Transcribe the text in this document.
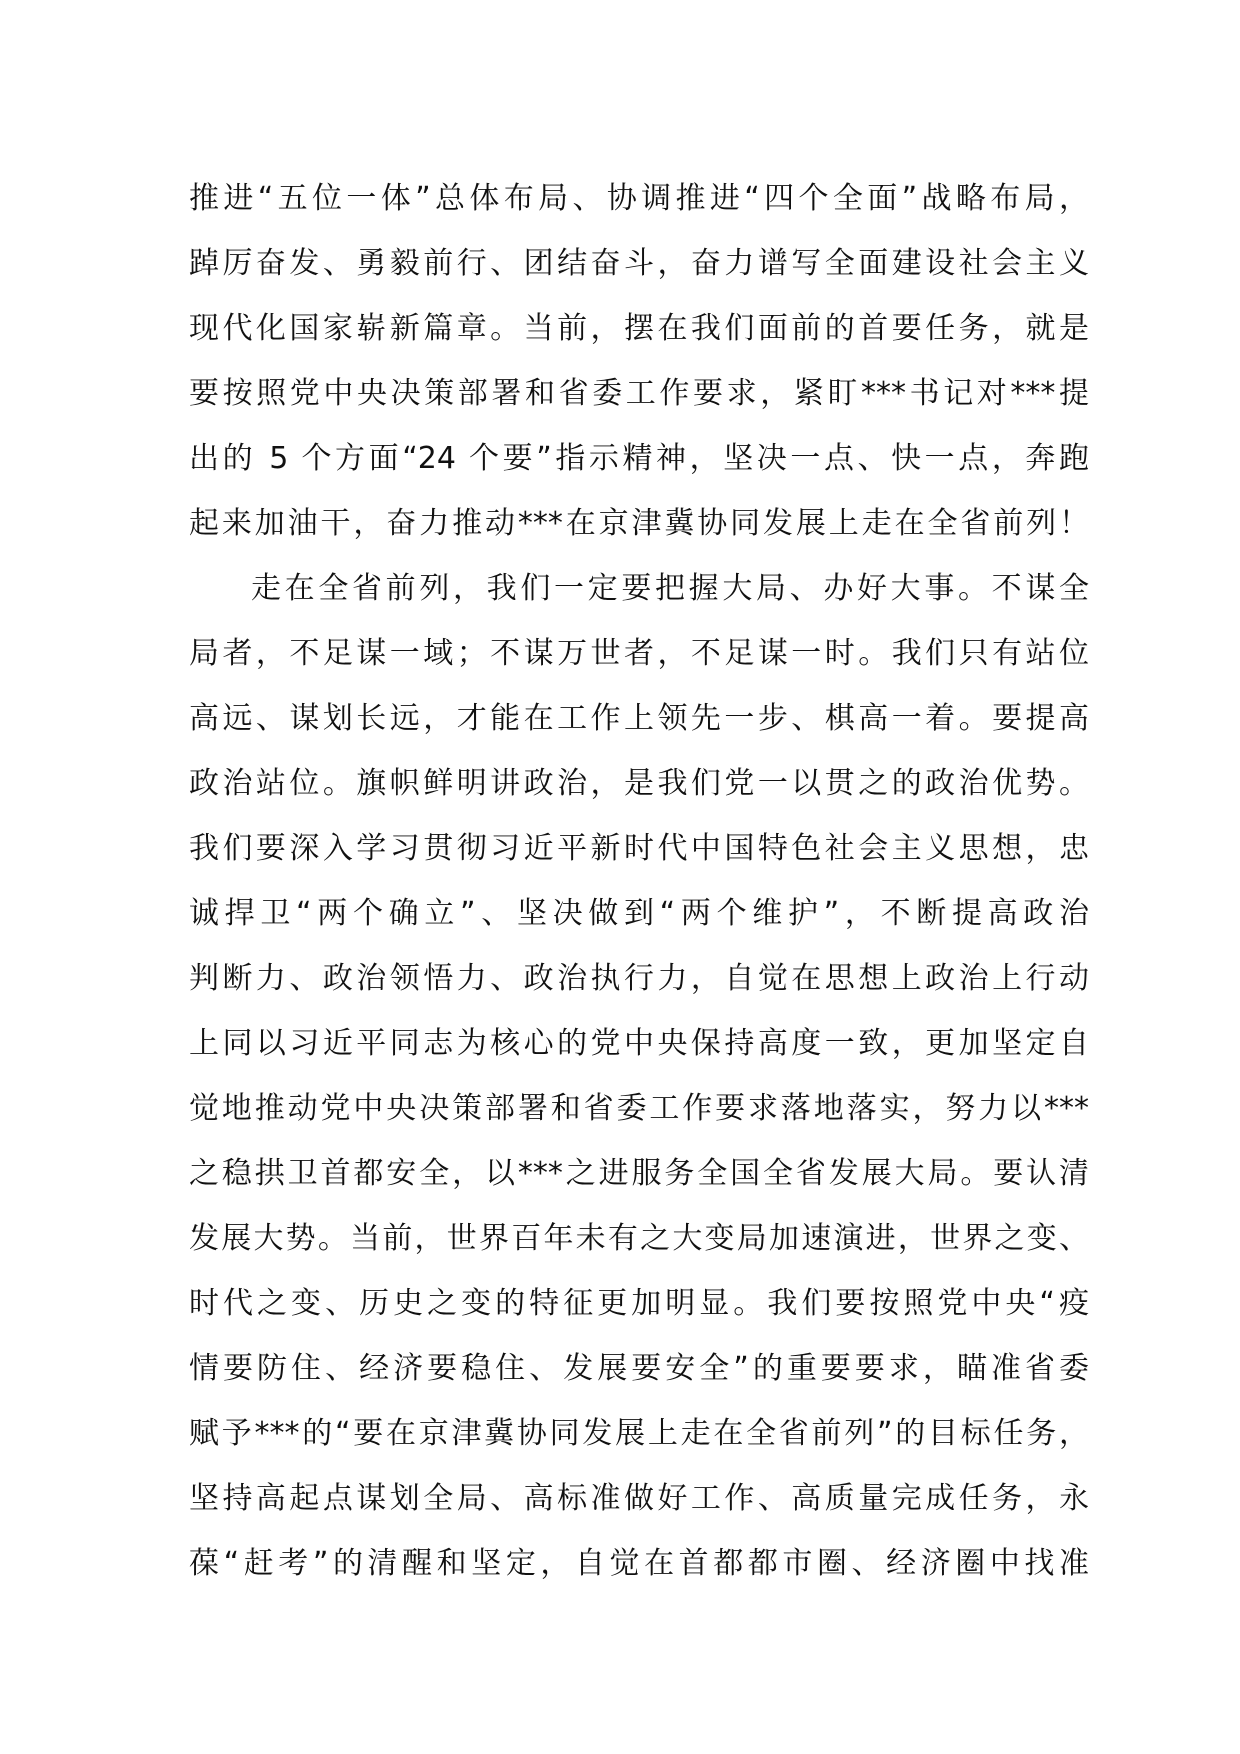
推进“五位一体”总体布局、协调推进“四个全面”战略布局，
踔厉奋发、勇毅前行、团结奋斗，奋力谱写全面建设社会主义
现代化国家崭新篇章。当前，摆在我们面前的首要任务，就是
要按照党中央决策部署和省委工作要求，紧盯***书记对***提
出的 5 个方面“24 个要”指示精神，坚决一点、快一点，奔跑
起来加油干，奋力推动***在京津冀协同发展上走在全省前列！
走在全省前列，我们一定要把握大局、办好大事。不谋全
局者，不足谋一域；不谋万世者，不足谋一时。我们只有站位
高远、谋划长远，才能在工作上领先一步、棋高一着。要提高
政治站位。旗帜鲜明讲政治，是我们党一以贯之的政治优势。
我们要深入学习贯彻习近平新时代中国特色社会主义思想，忠
诚捍卫“两个确立”、坚决做到“两个维护”，不断提高政治
判断力、政治领悟力、政治执行力，自觉在思想上政治上行动
上同以习近平同志为核心的党中央保持高度一致，更加坚定自
觉地推动党中央决策部署和省委工作要求落地落实，努力以***
之稳拱卫首都安全，以***之进服务全国全省发展大局。要认清
发展大势。当前，世界百年未有之大变局加速演进，世界之变、
时代之变、历史之变的特征更加明显。我们要按照党中央“疫
情要防住、经济要稳住、发展要安全”的重要要求，瞄准省委
赋予***的“要在京津冀协同发展上走在全省前列”的目标任务，
坚持高起点谋划全局、高标准做好工作、高质量完成任务，永
葆“赶考”的清醒和坚定，自觉在首都都市圈、经济圈中找准
